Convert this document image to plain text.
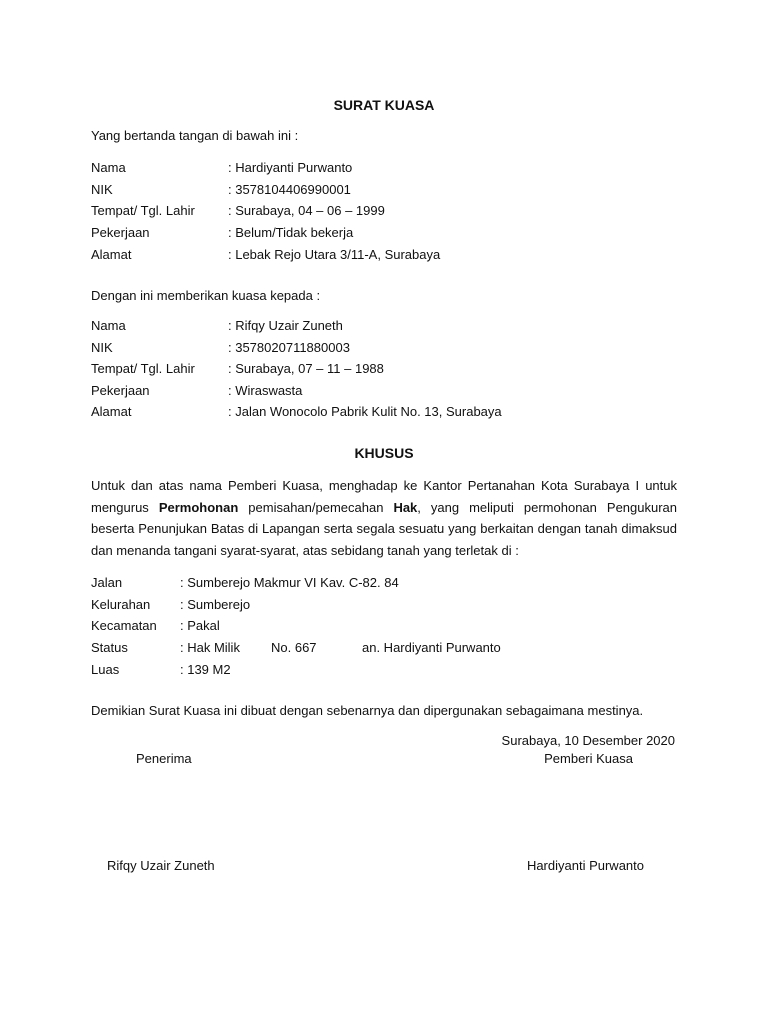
SURAT KUASA
Yang bertanda tangan di bawah ini :
Nama	: Hardiyanti Purwanto
NIK	: 3578104406990001
Tempat/ Tgl. Lahir	: Surabaya, 04 – 06 – 1999
Pekerjaan	: Belum/Tidak bekerja
Alamat	: Lebak Rejo Utara 3/11-A, Surabaya
Dengan ini memberikan kuasa kepada :
Nama	: Rifqy Uzair Zuneth
NIK	: 3578020711880003
Tempat/ Tgl. Lahir	: Surabaya, 07 – 11 – 1988
Pekerjaan	: Wiraswasta
Alamat	: Jalan Wonocolo Pabrik Kulit No. 13, Surabaya
KHUSUS
Untuk dan atas nama Pemberi Kuasa, menghadap ke Kantor Pertanahan Kota Surabaya I untuk mengurus Permohonan pemisahan/pemecahan Hak, yang meliputi permohonan Pengukuran beserta Penunjukan Batas di Lapangan serta segala sesuatu yang berkaitan dengan tanah dimaksud dan menanda tangani syarat-syarat, atas sebidang tanah yang terletak di :
Jalan	: Sumberejo Makmur VI Kav. C-82. 84
Kelurahan : Sumberejo
Kecamatan : Pakal
Status	: Hak Milik No. 667	an. Hardiyanti Purwanto
Luas	: 139 M2
Demikian Surat Kuasa ini dibuat dengan sebenarnya dan dipergunakan sebagaimana mestinya.
Surabaya, 10 Desember 2020
Penerima	Pemberi Kuasa
Rifqy Uzair Zuneth	Hardiyanti Purwanto
